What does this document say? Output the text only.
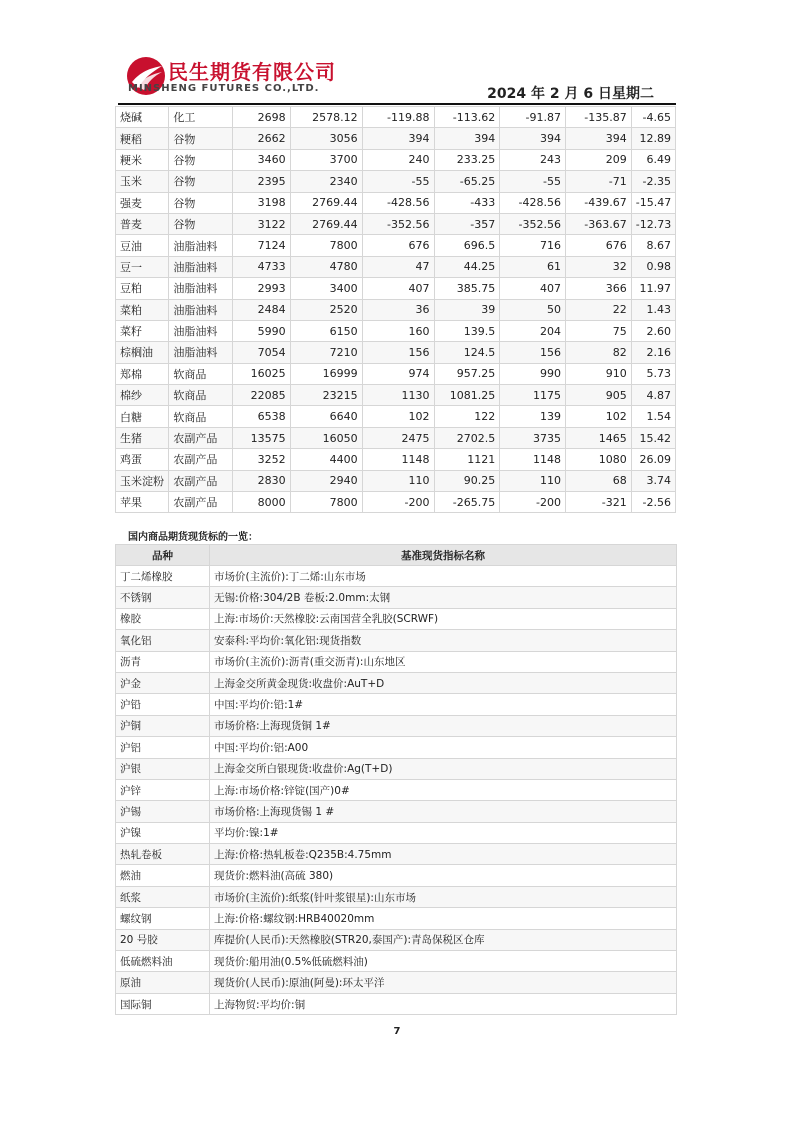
民生期货有限公司
MINSHENG FUTURES CO.,LTD.	2024 年 2 月 6 日星期二
烧碱	化工	2698	2578.12	-119.88	-113.62	-91.87	-135.87	-4.65
粳稻	谷物	2662	3056	394	394	394	394	12.89
粳米	谷物	3460	3700	240	233.25	243	209	6.49
玉米	谷物	2395	2340	-55	-65.25	-55	-71	-2.35
强麦	谷物	3198	2769.44	-428.56	-433	-428.56	-439.67	-15.47
普麦	谷物	3122	2769.44	-352.56	-357	-352.56	-363.67	-12.73
豆油	油脂油料	7124	7800	676	696.5	716	676	8.67
豆一	油脂油料	4733	4780	47	44.25	61	32	0.98
豆粕	油脂油料	2993	3400	407	385.75	407	366	11.97
菜粕	油脂油料	2484	2520	36	39	50	22	1.43
菜籽	油脂油料	5990	6150	160	139.5	204	75	2.60
棕榈油	油脂油料	7054	7210	156	124.5	156	82	2.16
郑棉	软商品	16025	16999	974	957.25	990	910	5.73
棉纱	软商品	22085	23215	1130	1081.25	1175	905	4.87
白糖	软商品	6538	6640	102	122	139	102	1.54
生猪	农副产品	13575	16050	2475	2702.5	3735	1465	15.42
鸡蛋	农副产品	3252	4400	1148	1121	1148	1080	26.09
玉米淀粉	农副产品	2830	2940	110	90.25	110	68	3.74
苹果	农副产品	8000	7800	-200	-265.75	-200	-321	-2.56
国内商品期货现货标的一览：
品种	基准现货指标名称
丁二烯橡胶	市场价(主流价):丁二烯:山东市场
不锈钢	无锡:价格:304/2B 卷板:2.0mm:太钢
橡胶	上海:市场价:天然橡胶:云南国营全乳胶(SCRWF)
氧化铝	安泰科:平均价:氧化铝:现货指数
沥青	市场价(主流价):沥青(重交沥青):山东地区
沪金	上海金交所黄金现货:收盘价:AuT+D
沪铅	中国:平均价:铅:1#
沪铜	市场价格:上海现货铜 1#
沪铝	中国:平均价:铝:A00
沪银	上海金交所白银现货:收盘价:Ag(T+D)
沪锌	上海:市场价格:锌锭(国产)0#
沪锡	市场价格:上海现货锡 1 #
沪镍	平均价:镍:1#
热轧卷板	上海:价格:热轧板卷:Q235B:4.75mm
燃油	现货价:燃料油(高硫 380)
纸浆	市场价(主流价):纸浆(针叶浆银星):山东市场
螺纹钢	上海:价格:螺纹钢:HRB40020mm
20 号胶	库提价(人民币):天然橡胶(STR20,泰国产):青岛保税区仓库
低硫燃料油	现货价:船用油(0.5%低硫燃料油)
原油	现货价(人民币):原油(阿曼):环太平洋
国际铜	上海物贸:平均价:铜
7
